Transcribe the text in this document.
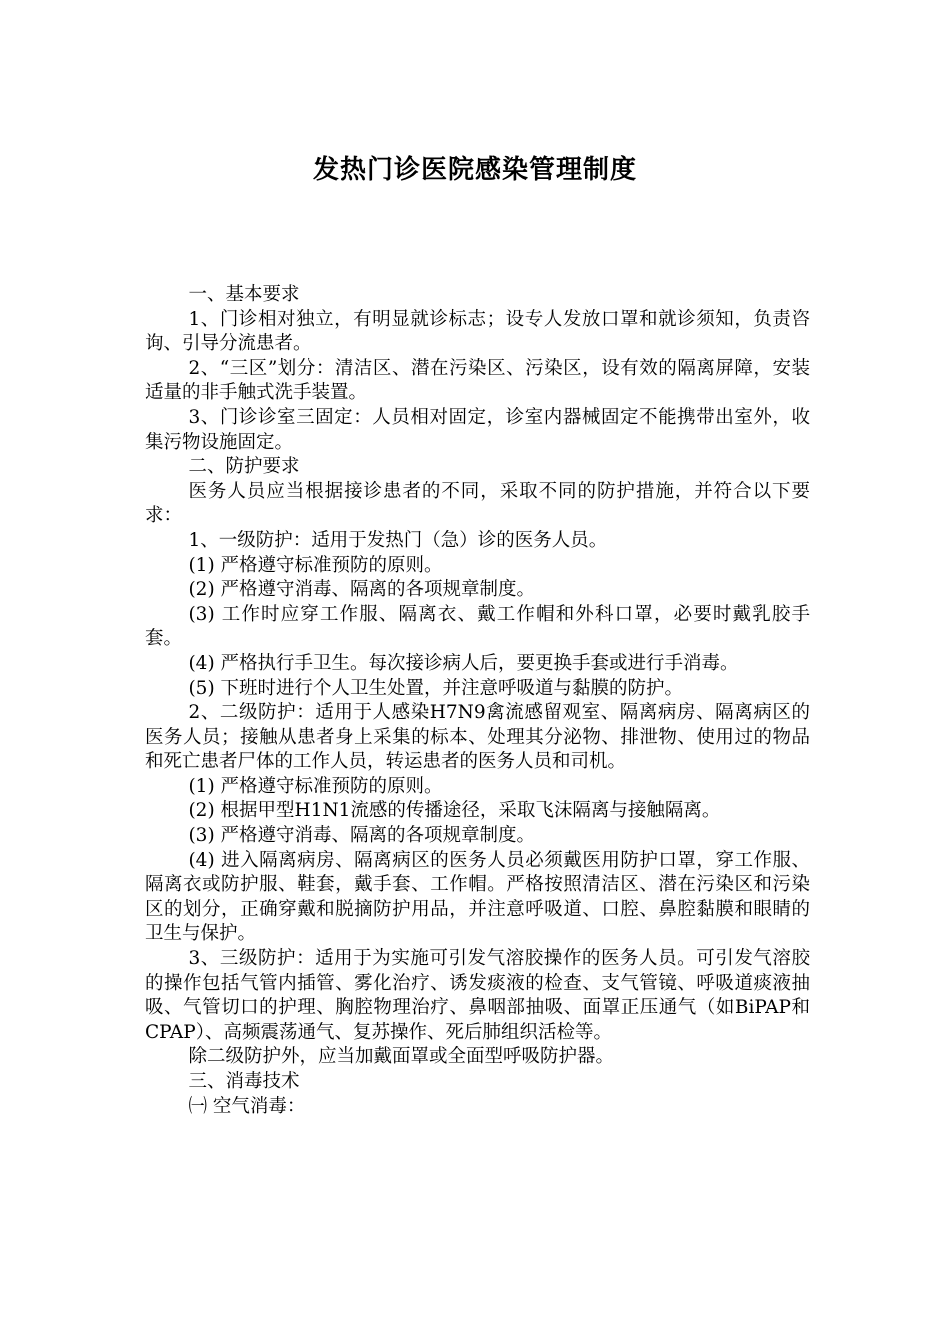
发热门诊医院感染管理制度

一、基本要求

1、门诊相对独立，有明显就诊标志；设专人发放口罩和就诊须知，负责咨询、引导分流患者。

2、“三区”划分：清洁区、潜在污染区、污染区，设有效的隔离屏障，安装适量的非手触式洗手装置。

3、门诊诊室三固定：人员相对固定，诊室内器械固定不能携带出室外，收集污物设施固定。

二、防护要求

医务人员应当根据接诊患者的不同，采取不同的防护措施，并符合以下要求：

1、一级防护：适用于发热门（急）诊的医务人员。

(1) 严格遵守标准预防的原则。

(2) 严格遵守消毒、隔离的各项规章制度。

(3) 工作时应穿工作服、隔离衣、戴工作帽和外科口罩，必要时戴乳胶手套。

(4) 严格执行手卫生。每次接诊病人后，要更换手套或进行手消毒。

(5) 下班时进行个人卫生处置，并注意呼吸道与黏膜的防护。

2、二级防护：适用于人感染H7N9禽流感留观室、隔离病房、隔离病区的医务人员；接触从患者身上采集的标本、处理其分泌物、排泄物、使用过的物品和死亡患者尸体的工作人员，转运患者的医务人员和司机。

(1) 严格遵守标准预防的原则。

(2) 根据甲型H1N1流感的传播途径，采取飞沫隔离与接触隔离。

(3) 严格遵守消毒、隔离的各项规章制度。

(4) 进入隔离病房、隔离病区的医务人员必须戴医用防护口罩，穿工作服、隔离衣或防护服、鞋套，戴手套、工作帽。严格按照清洁区、潜在污染区和污染区的划分，正确穿戴和脱摘防护用品，并注意呼吸道、口腔、鼻腔黏膜和眼睛的卫生与保护。

3、三级防护：适用于为实施可引发气溶胶操作的医务人员。可引发气溶胶的操作包括气管内插管、雾化治疗、诱发痰液的检查、支气管镜、呼吸道痰液抽吸、气管切口的护理、胸腔物理治疗、鼻咽部抽吸、面罩正压通气（如BiPAP和CPAP）、高频震荡通气、复苏操作、死后肺组织活检等。

除二级防护外，应当加戴面罩或全面型呼吸防护器。

三、消毒技术

㈠ 空气消毒：
